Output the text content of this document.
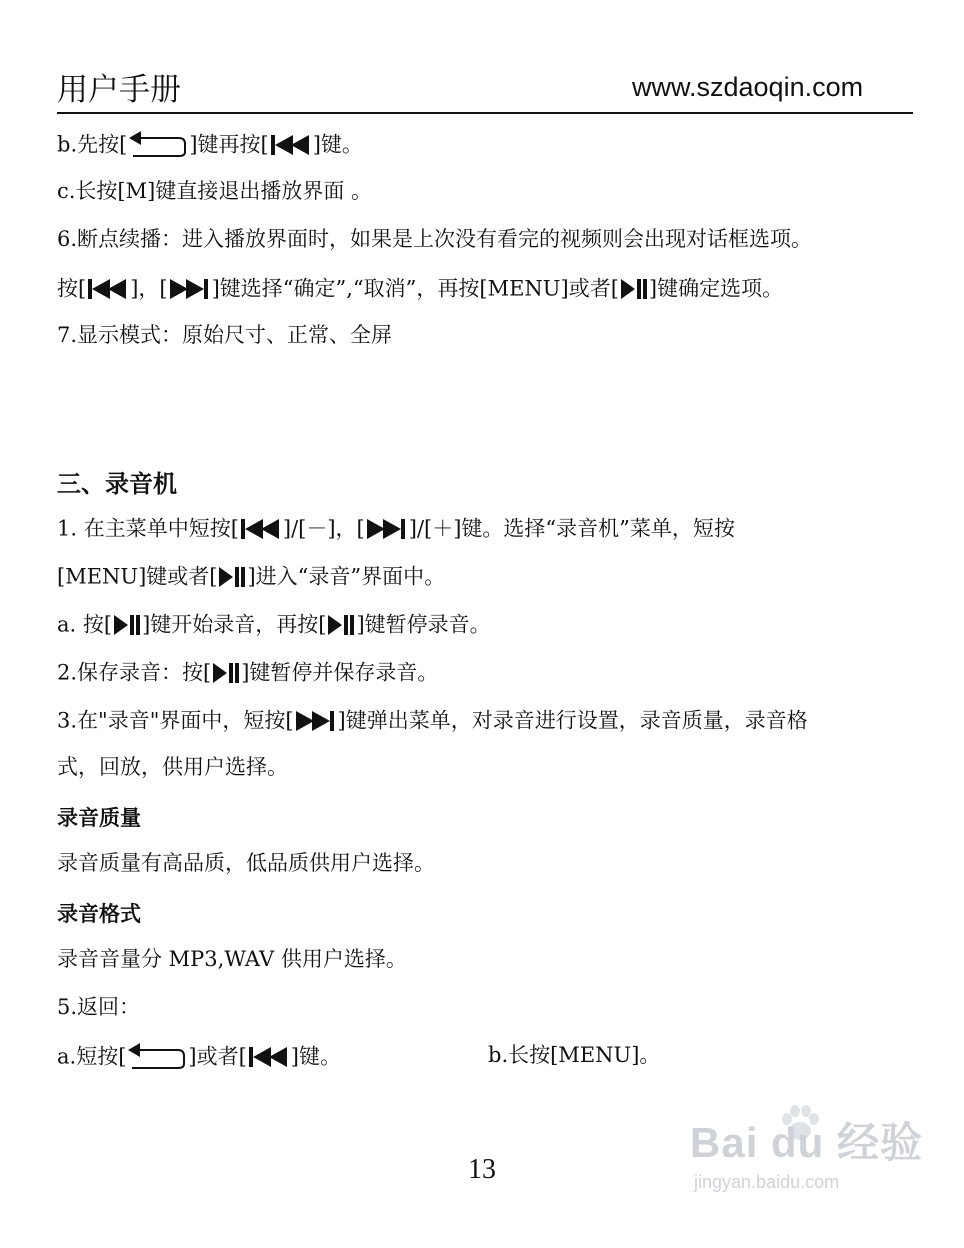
用户手册	www.szdaoqin.com
b.先按[	]键再按[ ]键。
c.长按[M]键直接退出播放界面 。
6.断点续播：进入播放界面时，如果是上次没有看完的视频则会出现对话框选项。
按[ ]，[ ]键选择“确定”,“取消”，再按[MENU]或者[ ]键确定选项。
7.显示模式：原始尺寸、正常、全屏
三、录音机
1. 在主菜单中短按[ ]/[－]，[ ]/[＋]键。选择“录音机”菜单，短按
[MENU]键或者[ ]进入“录音”界面中。
a. 按[ ]键开始录音，再按[ ]键暂停录音。
2.保存录音：按[ ]键暂停并保存录音。
3.在"录音"界面中，短按[ ]键弹出菜单，对录音进行设置，录音质量，录音格
式，回放，供用户选择。
录音质量
录音质量有高品质，低品质供用户选择。
录音格式
录音音量分 MP3,WAV 供用户选择。
5.返回：
a.短按[	]或者[ ]键。	b.长按[MENU]。
13
Bai du 经验
jingyan.baidu.com
